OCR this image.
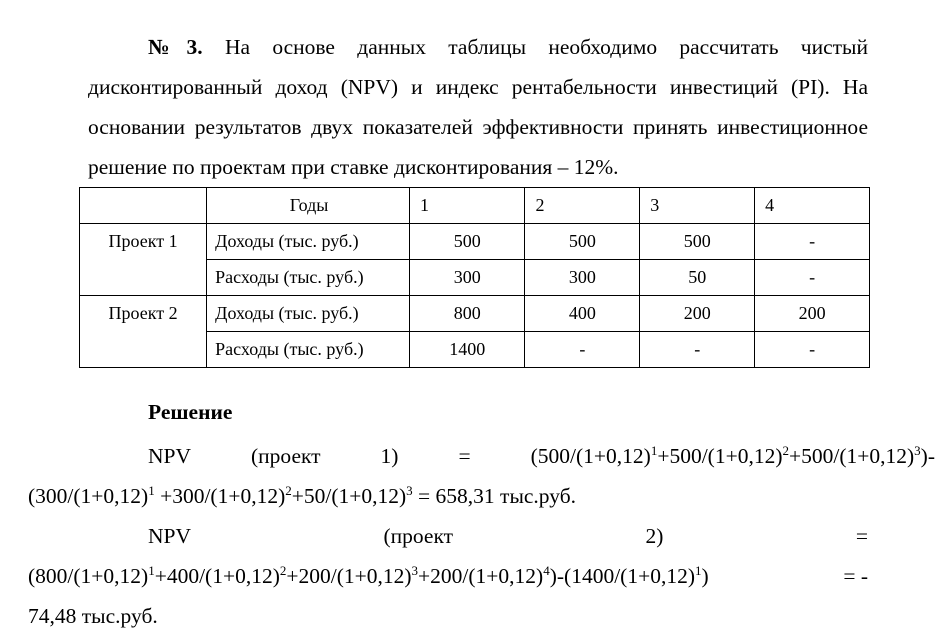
№3. На основе данных таблицы необходимо рассчитать чистый дисконтированный доход (NPV) и индекс рентабельности инвестиций (PI). На основании результатов двух показателей эффективности принять инвестиционное решение по проектам при ставке дисконтирования – 12%.

	Годы	1	2	3	4
Проект 1	Доходы (тыс. руб.)	500	500	500	-
	Расходы (тыс. руб.)	300	300	50	-
Проект 2	Доходы (тыс. руб.)	800	400	200	200
	Расходы (тыс. руб.)	1400	-	-	-

Решение

NPV	(проект	1)	=	$(500/(1+0,12)^1+500/(1+0,12)^2+500/(1+0,12)^3)-$
($300/(1+0,12)^1 +300/(1+0,12)^2+50/(1+0,12)^3 = 658,31$ тыс.руб.

NPV	(проект	2)	=
$(800/(1+0,12)^1+400/(1+0,12)^2+200/(1+0,12)^3+200/(1+0,12)^4)-(1400/(1+0,12)^1)$	= -
74,48 тыс.руб.
